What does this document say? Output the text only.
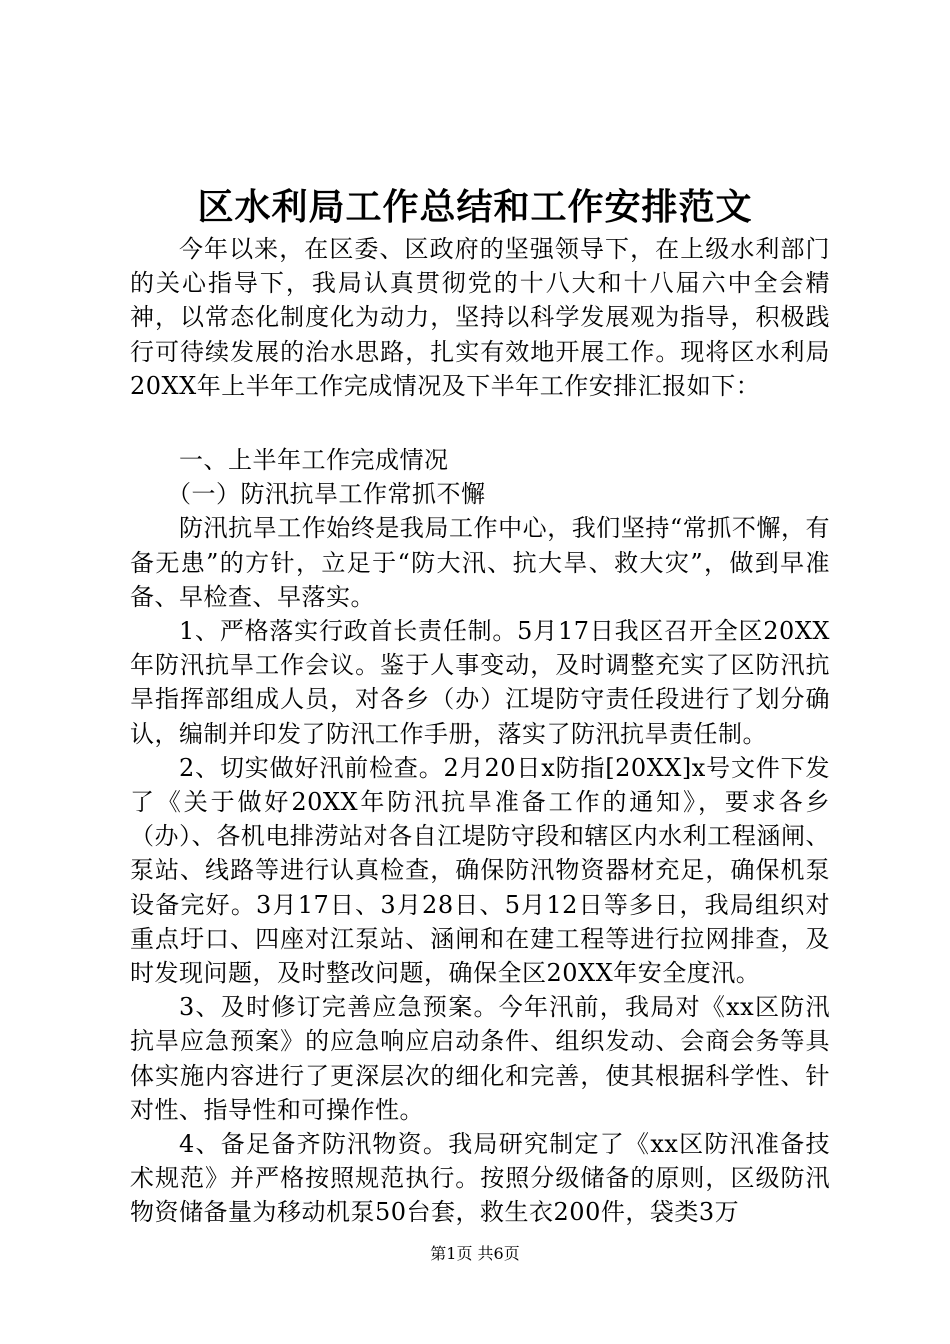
区水利局工作总结和工作安排范文

今年以来，在区委、区政府的坚强领导下，在上级水利部门的关心指导下，我局认真贯彻党的十八大和十八届六中全会精神，以常态化制度化为动力，坚持以科学发展观为指导，积极践行可待续发展的治水思路，扎实有效地开展工作。现将区水利局20XX年上半年工作完成情况及下半年工作安排汇报如下：

一、上半年工作完成情况

（一）防汛抗旱工作常抓不懈

防汛抗旱工作始终是我局工作中心，我们坚持“常抓不懈，有备无患”的方针，立足于“防大汛、抗大旱、救大灾”，做到早准备、早检查、早落实。

1、严格落实行政首长责任制。5月17日我区召开全区20XX年防汛抗旱工作会议。鉴于人事变动，及时调整充实了区防汛抗旱指挥部组成人员，对各乡（办）江堤防守责任段进行了划分确认，编制并印发了防汛工作手册，落实了防汛抗旱责任制。

2、切实做好汛前检查。2月20日x防指[20XX]x号文件下发了《关于做好20XX年防汛抗旱准备工作的通知》，要求各乡（办）、各机电排涝站对各自江堤防守段和辖区内水利工程涵闸、泵站、线路等进行认真检查，确保防汛物资器材充足，确保机泵设备完好。3月17日、3月28日、5月12日等多日，我局组织对重点圩口、四座对江泵站、涵闸和在建工程等进行拉网排查，及时发现问题，及时整改问题，确保全区20XX年安全度汛。

3、及时修订完善应急预案。今年汛前，我局对《xx区防汛抗旱应急预案》的应急响应启动条件、组织发动、会商会务等具体实施内容进行了更深层次的细化和完善，使其根据科学性、针对性、指导性和可操作性。

4、备足备齐防汛物资。我局研究制定了《xx区防汛准备技术规范》并严格按照规范执行。按照分级储备的原则，区级防汛物资储备量为移动机泵50台套，救生衣200件，袋类3万

第1页 共6页
